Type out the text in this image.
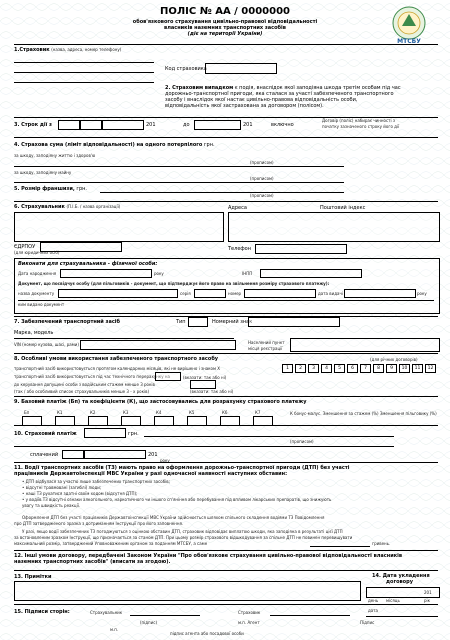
ПОЛІС № АА / 0000000
обов'язкового страхування цивільно-правової відповідальності
власників наземних транспортних засобів
(діє на території України)
МТСБУ
1.Страховик (назва, адреса, номер телефону)
Код страховика
2. Страховим випадком є подія, внаслідок якої заподіяна шкода третім особам під час
дорожньо-транспортної пригоди, яка сталася за участі забезпеченого транспортного
засобу і внаслідок якої настає цивільно-правова відповідальність особи,
відповідальність якої застрахована за договором (полісом).
3. Строк дії з	201	до	201	включно
Договір (поліс) набирає чинності з
початку зазначеного строку його дії
4. Страхова сума (ліміт відповідальності) на одного потерпілого грн.
за шкоду, заподіяну життю і здоров'ю
(прописом)
за шкоду, заподіяну майну
(прописом)
5. Розмір франшизи, грн.
(прописом)
6. Страхувальник (П.І.Б. / назва організації)	Адреса	Поштовий індекс
ЄДРПОУ
(для юридичних осіб)
Телефон
Виконати для страхувальника - фізичної особи:
Дата народження	року	ІНПП
Документ, що посвідчує особу (для пільговиків - документ, що підтверджує його право на звільнення розміру страхового платежу):
назва документу	серія	номер	дата видачі	року
ким видано документ
7. Забезпечений транспортний засіб	Тип	Номерний знак
Марка, модель
VIN (номер кузова, шасі, рами)	Населений пункт
місця реєстрації
8. Особливі умови використання забезпеченого транспортного засобу	(для річних договорів)
транспортний засіб використовується протягом календарних місяців, які не вирішено і знаком Х	1	2	3	4	5	6	7	8	9	10	11	12
транспортний засіб використовується під час технічного перерахунку на	(вказати: так або ні)
до керування допущені особи з водійським стажем менше 3 років
(так / або особливий список страхувальників менше 3 - х років)	(вказати: так або ні)
9. Базовий платіж (Бп) та коефіцієнти (К), що застосовувались для розрахунку страхового платежу
Бп	К1	К2	К3	К4	К5	К6	К7	К бонус-малус. Зменшення за стажем (%) Зменшення пільговику (%)
10. Страховий платіж	грн.
(прописом)
сплачений	201
року
11. Водії транспортних засобів (ТЗ) мають право на оформлення дорожньо-транспортної пригоди (ДТП) без участі
працівників Державтоінспекції МВС України у разі одночасної наявності наступних обставин:
• ДТП відбулася за участю лише забезпечених транспортних засобів;
• відсутні травмовані (загиблі) люди;
• наші ТЗ рухатися здатні своїм ходом (відсутня ДТП);
• у водіїв ТЗ відсутні ознаки алкогольного, наркотичного чи іншого сп'яніння або перебування під впливом лікарських препаратів, що знижують
увагу та швидкість реакції.
Оформлення ДТП без участі працівників Державтоінспекції МВС України здійснюється шляхом спільного складення водіями ТЗ Повідомлення
про ДТП затвердженого зразка з дотриманням Інструкції про його заповнення.
У разі, якщо водії забезпечених ТЗ погоджуються з оцінкою обставин ДТП, страховик відповідає виплатою шкоди, яка заподіяна в результаті цієї ДТП
за встановленим зразком Інструкції, що призначається за станом ДТП. При цьому розмір страхового відшкодування за спільне ДТП не повинен перевищувати
максимальний розмір, затверджений Уповноваженим органом за поданням МТСБУ, а саме	гривень.
12. Інші умови договору, передбачені Законом України "Про обов'язкове страхування цивільно-правової відповідальності власників
наземних транспортних засобів" (вписати за згодою).
13. Примітки	14. Дата укладення
договору
201
день місяць	рік
15. Підписи сторін:	Страхувальник	Страховик
(підпис)	м.п. Агент
дата
Підпис
м.п.
підпис агента або посадової особи
